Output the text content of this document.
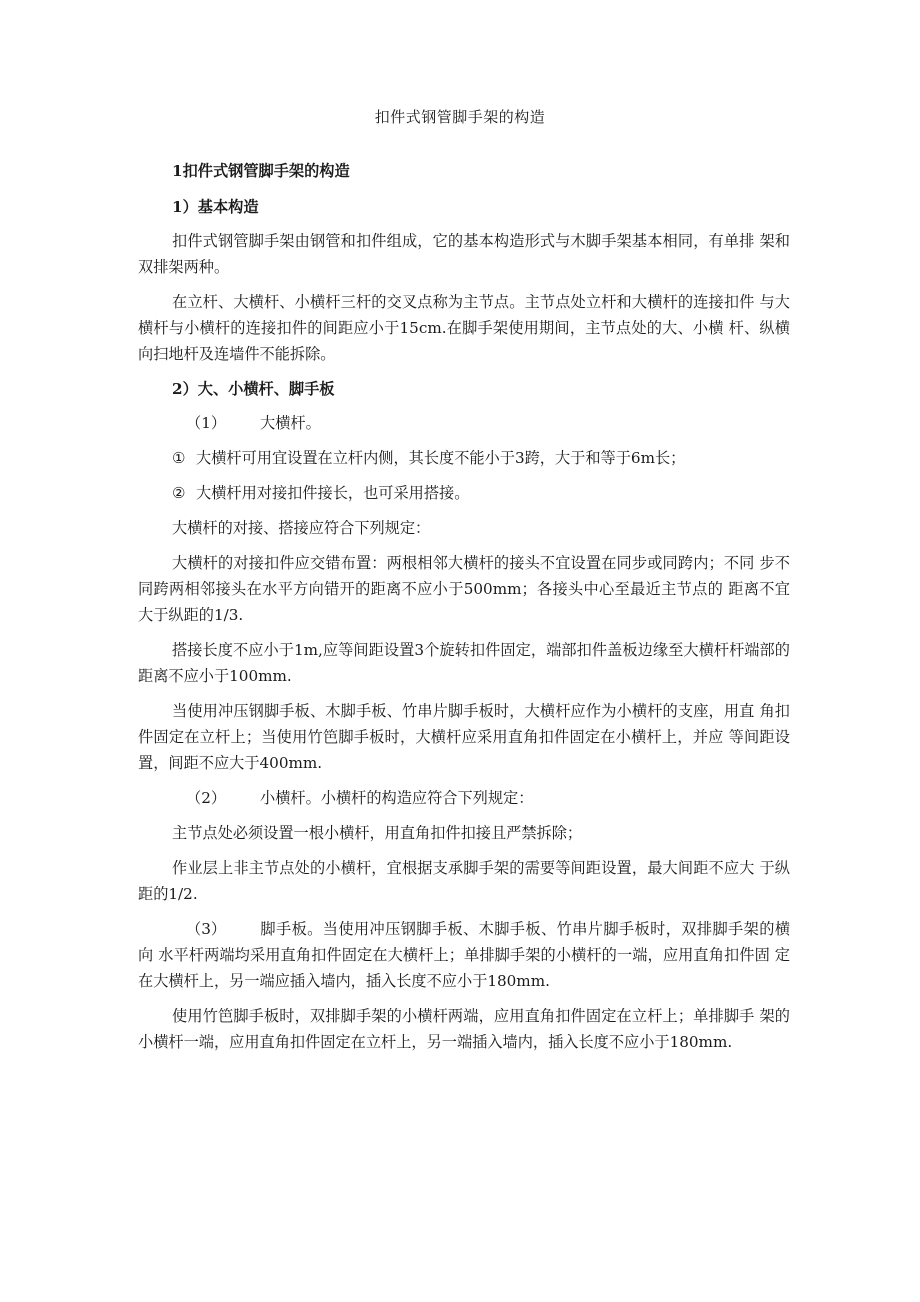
扣件式钢管脚手架的构造

1扣件式钢管脚手架的构造

1）基本构造

扣件式钢管脚手架由钢管和扣件组成，它的基本构造形式与木脚手架基本相同，有单排 架和双排架两种。

在立杆、大横杆、小横杆三杆的交叉点称为主节点。主节点处立杆和大横杆的连接扣件 与大横杆与小横杆的连接扣件的间距应小于15cm.在脚手架使用期间，主节点处的大、小横 杆、纵横向扫地杆及连墙件不能拆除。

2）大、小横杆、脚手板

（1） 大横杆。

① 大横杆可用宜设置在立杆内侧，其长度不能小于3跨，大于和等于6m长；

② 大横杆用对接扣件接长，也可采用搭接。

大横杆的对接、搭接应符合下列规定：

大横杆的对接扣件应交错布置：两根相邻大横杆的接头不宜设置在同步或同跨内；不同 步不同跨两相邻接头在水平方向错开的距离不应小于500mm；各接头中心至最近主节点的 距离不宜大于纵距的1/3.

搭接长度不应小于1m,应等间距设置3个旋转扣件固定，端部扣件盖板边缘至大横杆杆端部的距离不应小于100mm.

当使用冲压钢脚手板、木脚手板、竹串片脚手板时，大横杆应作为小横杆的支座，用直 角扣件固定在立杆上；当使用竹笆脚手板时，大横杆应采用直角扣件固定在小横杆上，并应 等间距设置，间距不应大于400mm.

（2） 小横杆。小横杆的构造应符合下列规定：

主节点处必须设置一根小横杆，用直角扣件扣接且严禁拆除；

作业层上非主节点处的小横杆，宜根据支承脚手架的需要等间距设置，最大间距不应大 于纵距的1/2.

（3） 脚手板。当使用冲压钢脚手板、木脚手板、竹串片脚手板时，双排脚手架的横向 水平杆两端均采用直角扣件固定在大横杆上；单排脚手架的小横杆的一端，应用直角扣件固 定在大横杆上，另一端应插入墙内，插入长度不应小于180mm.

使用竹笆脚手板时，双排脚手架的小横杆两端，应用直角扣件固定在立杆上；单排脚手 架的小横杆一端，应用直角扣件固定在立杆上，另一端插入墙内，插入长度不应小于180mm.
